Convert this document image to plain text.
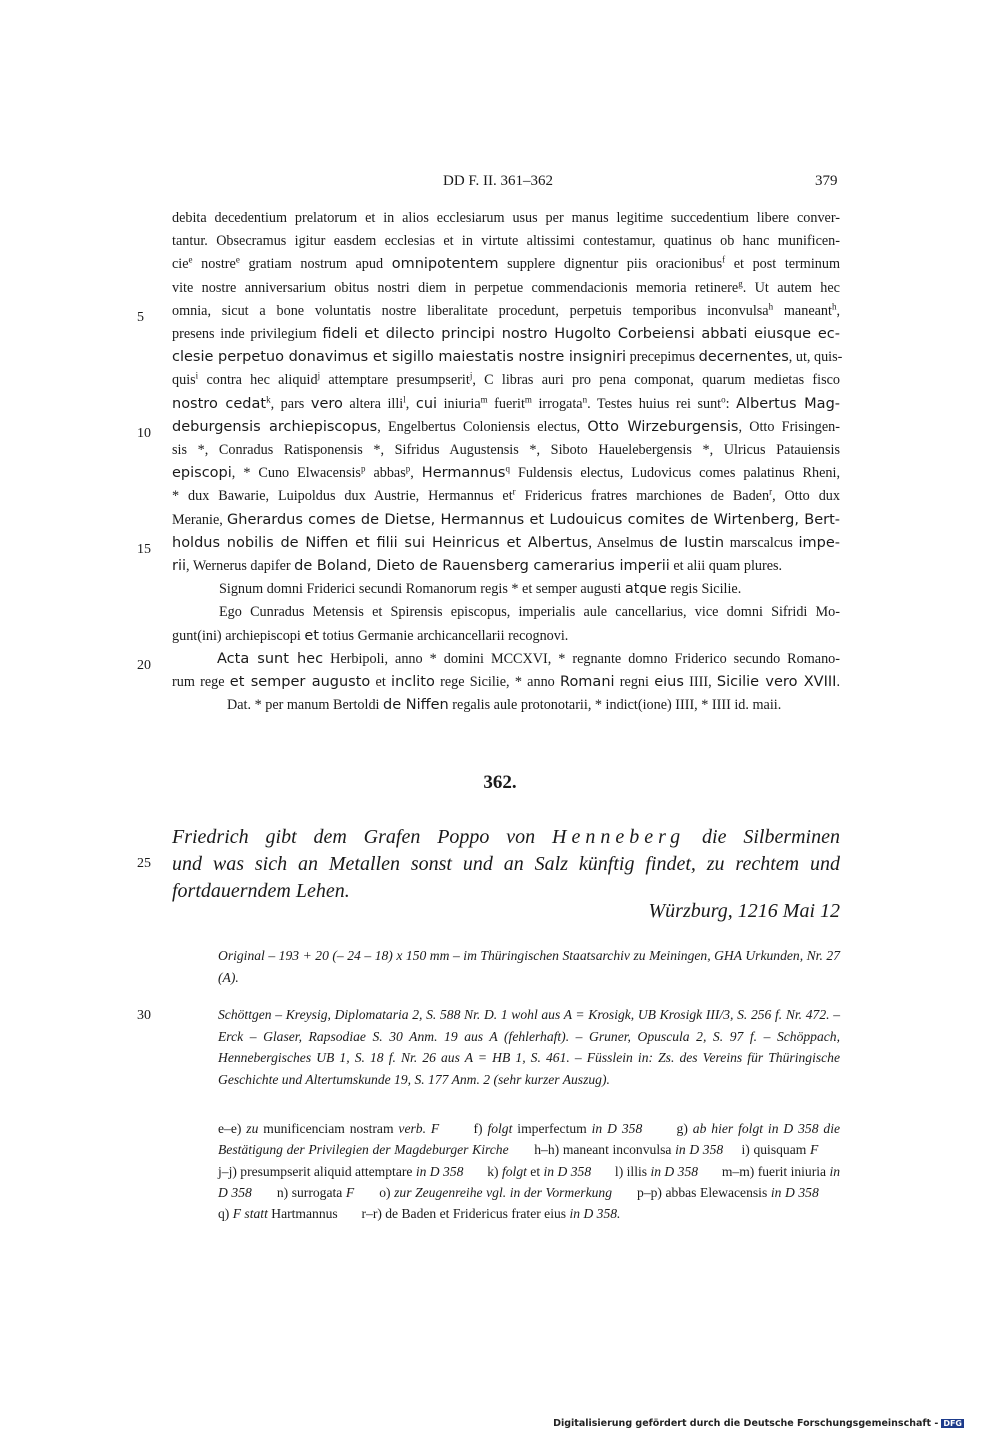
DD F. II. 361–362	379
5
10
15
20
25
30
debita decedentium prelatorum et in alios ecclesiarum usus per manus legitime succedentium libere conver-
tantur. Obsecramus igitur easdem ecclesias et in virtute altissimi contestamur, quatinus ob hanc munificen-
cie$^e$ nostre$^e$ gratiam nostrum apud omnipotentem supplere dignentur piis oracionibus$^f$ et post terminum
vite nostre anniversarium obitus nostri diem in perpetue commendacionis memoria retinere$^g$. Ut autem hec
omnia, sicut a bone voluntatis nostre liberalitate procedunt, perpetuis temporibus inconvulsa$^h$ maneant$^h$,
presens inde privilegium fideli et dilecto principi nostro Hugolto Corbeiensi abbati eiusque ec-
clesie perpetuo donavimus et sigillo maiestatis nostre insigniri precepimus decernentes, ut, quis-
quis$^i$ contra hec aliquid$^j$ attemptare presumpserit$^j$, C libras auri pro pena componat, quarum medietas fisco
nostro cedat$^k$, pars vero altera illi$^l$, cui iniuria$^m$ fuerit$^m$ irrogata$^n$. Testes huius rei sunt$^o$: Albertus Mag-
deburgensis archiepiscopus, Engelbertus Coloniensis electus, Otto Wirzeburgensis, Otto Frisingen-
sis *, Conradus Ratisponensis *, Sifridus Augustensis *, Siboto Hauelebergensis *, Ulricus Patauiensis
episcopi, * Cuno Elwacensis$^p$ abbas$^p$, Hermannus$^q$ Fuldensis electus, Ludovicus comes palatinus Rheni,
* dux Bawarie, Luipoldus dux Austrie, Hermannus $et^r$ Fridericus fratres marchiones de Baden$^r$, Otto dux
Meranie, Gherardus comes de Dietse, Hermannus et Ludouicus comites de Wirtenberg, Bert-
holdus nobilis de Niffen et filii sui Heinricus et Albertus, Anselmus de Iustin marscalcus impe-
rii, Wernerus dapifer de Boland, Dieto de Rauensberg camerarius imperii et alii quam plures.
Signum domni Friderici secundi Romanorum regis * et semper augusti atque regis Sicilie.
Ego Cunradus Metensis et Spirensis episcopus, imperialis aule cancellarius, vice domni Sifridi Mo-
gunt(ini) archiepiscopi et totius Germanie archicancellarii recognovi.
Acta sunt hec Herbipoli, anno * domini MCCXVI, * regnante domno Friderico secundo Romano-
rum rege et semper augusto et inclito rege Sicilie, * anno Romani regni eius IIII, Sicilie vero XVIII.
Dat. * per manum Bertoldi de Niffen regalis aule protonotarii, * indict(ione) IIII, * IIII id. maii.
362.
Friedrich gibt dem Grafen Poppo von Henneberg die Silberminen
und was sich an Metallen sonst und an Salz künftig findet, zu rechtem und
fortdauerndem Lehen.
Würzburg, 1216 Mai 12
Original – 193 + 20 (– 24 – 18) x 150 mm – im Thüringischen Staatsarchiv zu Meiningen, GHA Urkunden, Nr. 27 (A).
Schöttgen – Kreysig, Diplomataria 2, S. 588 Nr. D. 1 wohl aus A = Krosigk, UB Krosigk III/3, S. 256 f. Nr. 472. – Erck – Glaser, Rapsodiae S. 30 Anm. 19 aus A (fehlerhaft). – Gruner, Opuscula 2, S. 97 f. – Schöppach, Hennebergisches UB 1, S. 18 f. Nr. 26 aus A = HB 1, S. 461. – Füsslein in: Zs. des Vereins für Thüringische Geschichte und Altertumskunde 19, S. 177 Anm. 2 (sehr kurzer Auszug).
e–e) zu munificenciam nostram verb. F       f) folgt imperfectum in D 358       g) ab hier folgt in D 358 die Bestätigung der Privilegien der Magdeburger Kirche       h–h) maneant inconvulsa in D 358     i) quisquam F       j–j) presumpserit aliquid attemptare in D 358       k) folgt et in D 358       l) illis in D 358       m–m) fuerit iniuria in D 358       n) surrogata F       o) zur Zeugenreihe vgl. in der Vormerkung       p–p) abbas Elewacensis in D 358       q) F statt Hartmannus       r–r) de Baden et Fridericus frater eius in D 358.
Digitalisierung gefördert durch die Deutsche Forschungsgemeinschaft - DFG
